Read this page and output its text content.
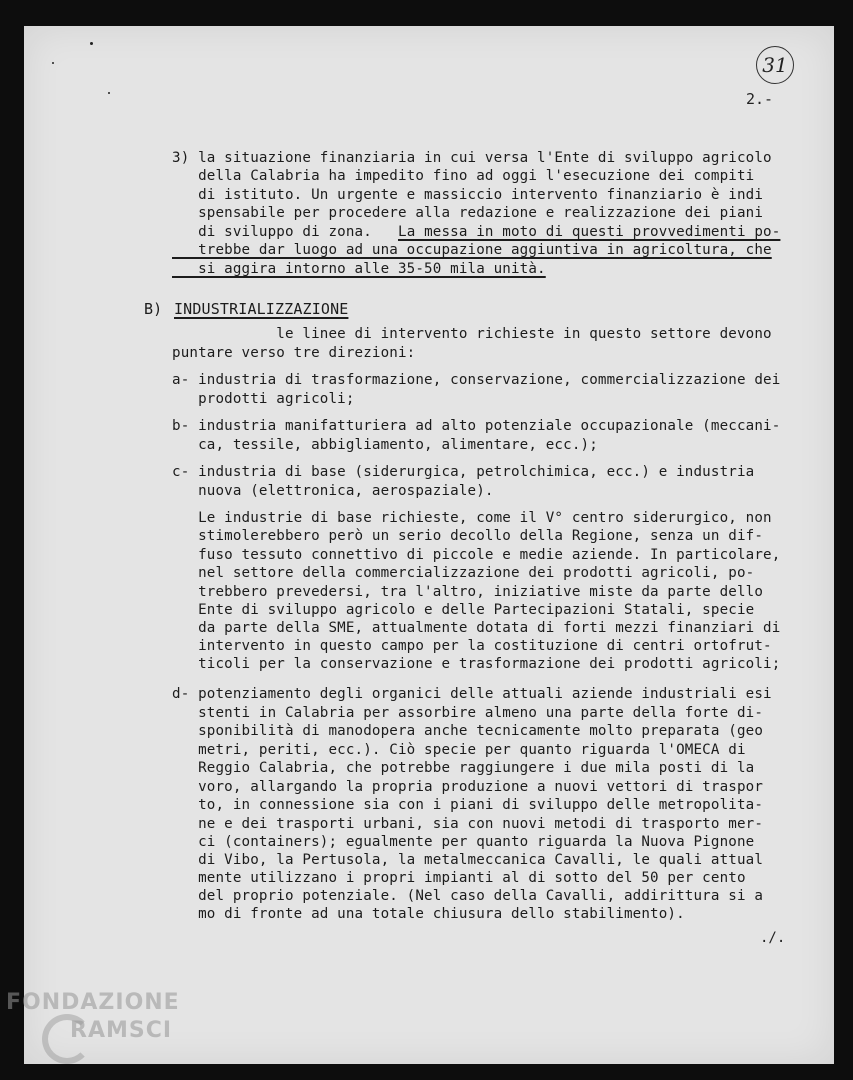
31
2.-
3) la situazione finanziaria in cui versa l'Ente di sviluppo agricolo
della Calabria ha impedito fino ad oggi l'esecuzione dei compiti
di istituto. Un urgente e massiccio intervento finanziario è indi
spensabile per procedere alla redazione e realizzazione dei piani
di sviluppo di zona. La messa in moto di questi provvedimenti po-
trebbe dar luogo ad una occupazione aggiuntiva in agricoltura, che
si aggira intorno alle 35-50 mila unità.
B) INDUSTRIALIZZAZIONE
le linee di intervento richieste in questo settore devono
puntare verso tre direzioni:
a- industria di trasformazione, conservazione, commercializzazione dei
prodotti agricoli;
b- industria manifatturiera ad alto potenziale occupazionale (meccani-
ca, tessile, abbigliamento, alimentare, ecc.);
c- industria di base (siderurgica, petrolchimica, ecc.) e industria
nuova (elettronica, aerospaziale).
Le industrie di base richieste, come il V° centro siderurgico, non
stimolerebbero però un serio decollo della Regione, senza un dif-
fuso tessuto connettivo di piccole e medie aziende. In particolare,
nel settore della commercializzazione dei prodotti agricoli, po-
trebbero prevedersi, tra l'altro, iniziative miste da parte dello
Ente di sviluppo agricolo e delle Partecipazioni Statali, specie
da parte della SME, attualmente dotata di forti mezzi finanziari di
intervento in questo campo per la costituzione di centri ortofrut-
ticoli per la conservazione e trasformazione dei prodotti agricoli;
d- potenziamento degli organici delle attuali aziende industriali esi
stenti in Calabria per assorbire almeno una parte della forte di-
sponibilità di manodopera anche tecnicamente molto preparata (geo
metri, periti, ecc.). Ciò specie per quanto riguarda l'OMECA di
Reggio Calabria, che potrebbe raggiungere i due mila posti di la
voro, allargando la propria produzione a nuovi vettori di traspor
to, in connessione sia con i piani di sviluppo delle metropolita-
ne e dei trasporti urbani, sia con nuovi metodi di trasporto mer-
ci (containers); egualmente per quanto riguarda la Nuova Pignone
di Vibo, la Pertusola, la metalmeccanica Cavalli, le quali attual
mente utilizzano i propri impianti al di sotto del 50 per cento
del proprio potenziale. (Nel caso della Cavalli, addirittura si a
mo di fronte ad una totale chiusura dello stabilimento).
./.
FONDAZIONE
RAMSCI
